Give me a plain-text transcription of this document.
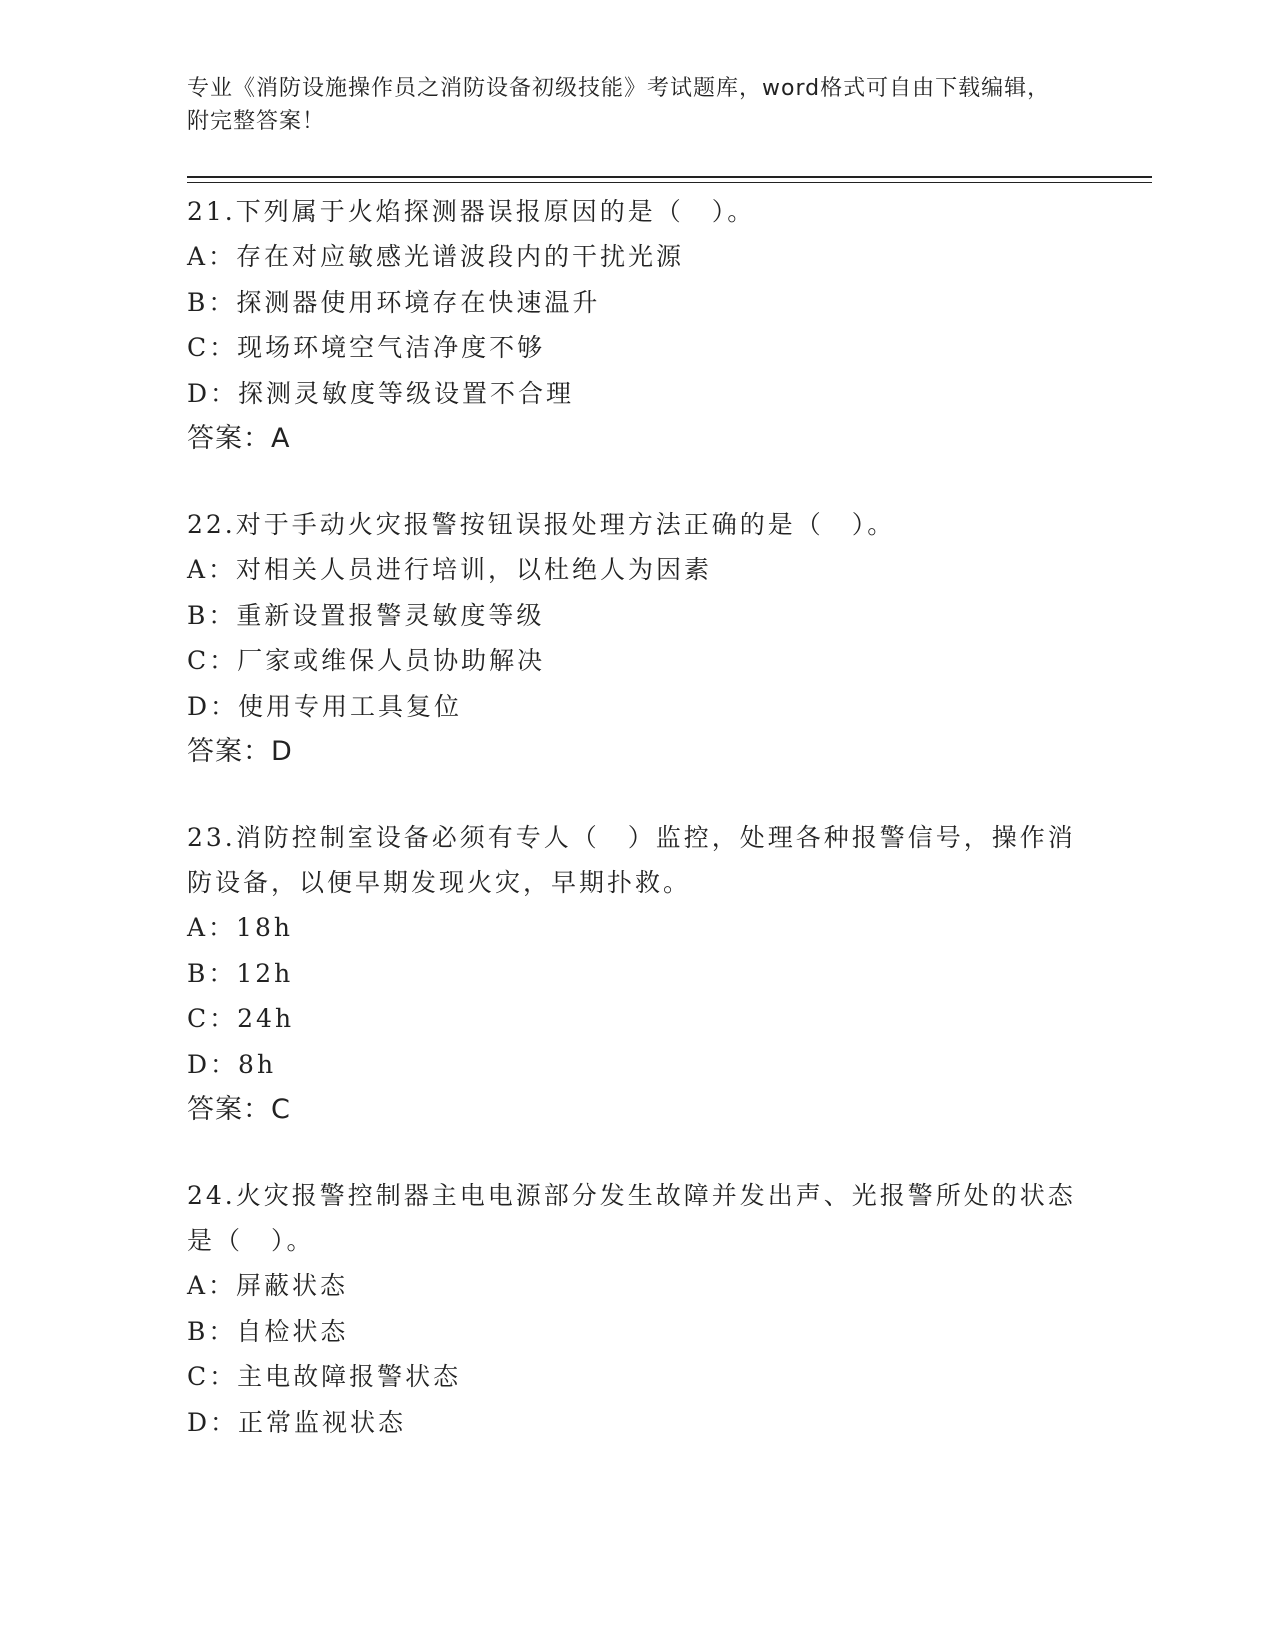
专业《消防设施操作员之消防设备初级技能》考试题库，word格式可自由下载编辑，附完整答案！

21.下列属于火焰探测器误报原因的是（　）。

A：存在对应敏感光谱波段内的干扰光源

B：探测器使用环境存在快速温升

C：现场环境空气洁净度不够

D：探测灵敏度等级设置不合理

答案：A

22.对于手动火灾报警按钮误报处理方法正确的是（　）。

A：对相关人员进行培训，以杜绝人为因素

B：重新设置报警灵敏度等级

C：厂家或维保人员协助解决

D：使用专用工具复位

答案：D

23.消防控制室设备必须有专人（　）监控，处理各种报警信号，操作消防设备，以便早期发现火灾，早期扑救。

A：18h

B：12h

C：24h

D：8h

答案：C

24.火灾报警控制器主电电源部分发生故障并发出声、光报警所处的状态是（　）。

A：屏蔽状态

B：自检状态

C：主电故障报警状态

D：正常监视状态
